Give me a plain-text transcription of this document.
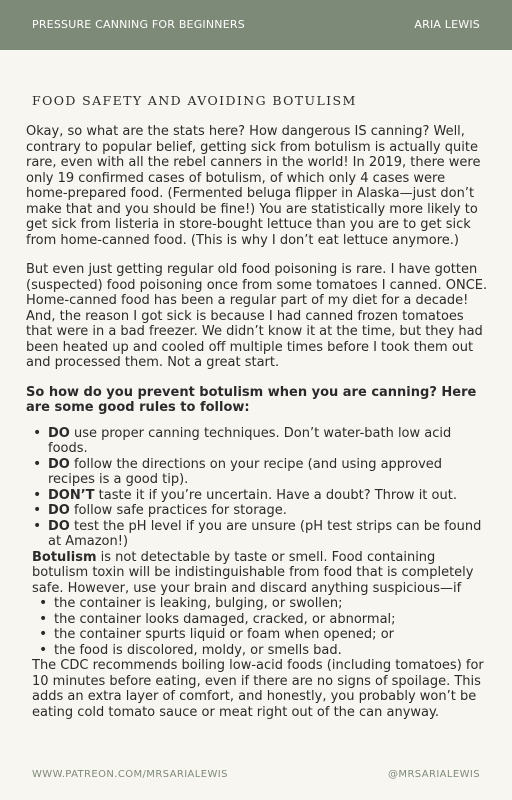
PRESSURE CANNING FOR BEGINNERS	ARIA LEWIS
FOOD SAFETY AND AVOIDING BOTULISM

Okay, so what are the stats here? How dangerous IS canning? Well, contrary to popular belief, getting sick from botulism is actually quite rare, even with all the rebel canners in the world! In 2019, there were only 19 confirmed cases of botulism, of which only 4 cases were home-prepared food. (Fermented beluga flipper in Alaska—just don’t make that and you should be fine!) You are statistically more likely to get sick from listeria in store-bought lettuce than you are to get sick from home-canned food. (This is why I don’t eat lettuce anymore.)

But even just getting regular old food poisoning is rare. I have gotten (suspected) food poisoning once from some tomatoes I canned. ONCE. Home-canned food has been a regular part of my diet for a decade! And, the reason I got sick is because I had canned frozen tomatoes that were in a bad freezer. We didn’t know it at the time, but they had been heated up and cooled off multiple times before I took them out and processed them. Not a great start.

So how do you prevent botulism when you are canning? Here are some good rules to follow:

• DO use proper canning techniques. Don’t water-bath low acid foods.
• DO follow the directions on your recipe (and using approved recipes is a good tip).
• DON’T taste it if you’re uncertain. Have a doubt? Throw it out.
• DO follow safe practices for storage.
• DO test the pH level if you are unsure (pH test strips can be found at Amazon!)

Botulism is not detectable by taste or smell. Food containing botulism toxin will be indistinguishable from food that is completely safe. However, use your brain and discard anything suspicious—if

• the container is leaking, bulging, or swollen;
• the container looks damaged, cracked, or abnormal;
• the container spurts liquid or foam when opened; or
• the food is discolored, moldy, or smells bad.

The CDC recommends boiling low-acid foods (including tomatoes) for 10 minutes before eating, even if there are no signs of spoilage. This adds an extra layer of comfort, and honestly, you probably won’t be eating cold tomato sauce or meat right out of the can anyway.

WWW.PATREON.COM/MRSARIALEWIS	@MRSARIALEWIS
